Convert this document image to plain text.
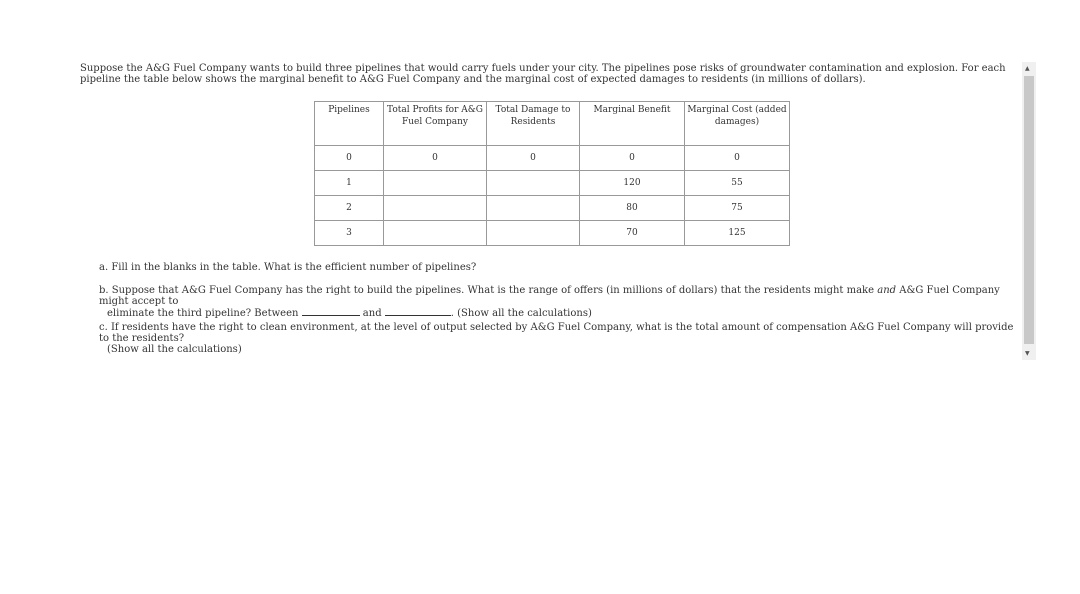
Suppose the A&G Fuel Company wants to build three pipelines that would carry fuels under your city. The pipelines pose risks of groundwater contamination and explosion. For each pipeline the table below shows the marginal benefit to A&G Fuel Company and the marginal cost of expected damages to residents (in millions of dollars).
Pipelines	Total Profits for A&G Fuel Company	Total Damage to Residents	Marginal Benefit	Marginal Cost (added damages)
0	0	0	0	0
1			120	55
2			80	75
3			70	125
a. Fill in the blanks in the table. What is the efficient number of pipelines?
b. Suppose that A&G Fuel Company has the right to build the pipelines. What is the range of offers (in millions of dollars) that the residents might make and A&G Fuel Company might accept to
eliminate the third pipeline? Between	and	. (Show all the calculations)
c. If residents have the right to clean environment, at the level of output selected by A&G Fuel Company, what is the total amount of compensation A&G Fuel Company will provide to the residents?
(Show all the calculations)
▲
▼
